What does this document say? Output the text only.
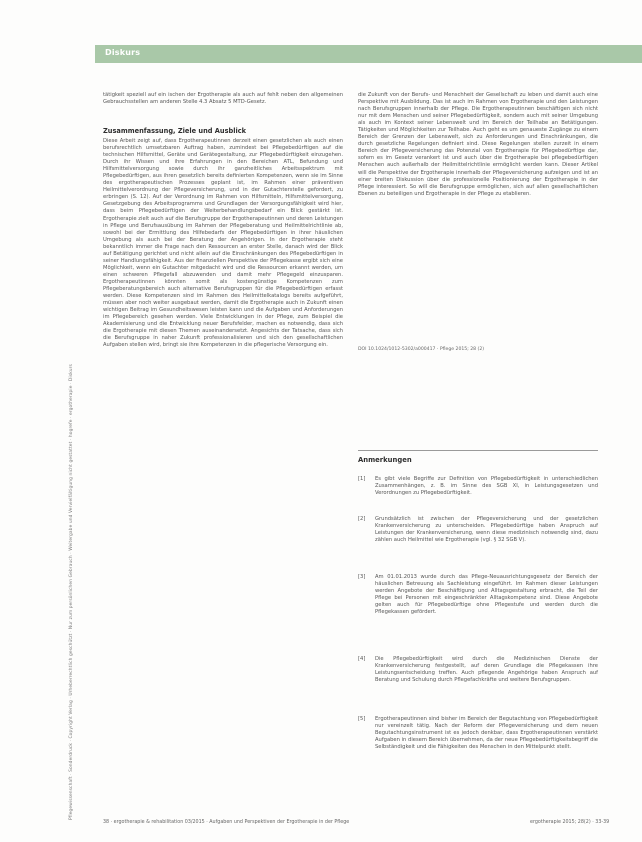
Diskurs
Pflegewissenschaft · Sonderdruck · Copyright Verlag · Urheberrechtlich geschützt · Nur zum persönlichen Gebrauch · Weitergabe und Vervielfältigung nicht gestattet · hogrefe · ergotherapie · Diskurs

tätigkeit speziell auf ein ischen der Ergotherapie als auch auf fehlt neben den allgemeinen Gebrauchsstellen am anderen Stelle 4.3 Absatz 5 MTD-Gesetz.

Zusammenfassung, Ziele und Ausblick

Diese Arbeit zeigt auf, dass Ergotherapeutinnen derzeit einen gesetzlichen als auch einen berufsrechtlich umsetzbaren Auftrag haben, zumindest bei Pflegebedürftigen auf die technischen Hilfsmittel, Geräte und Gerätegestaltung, zur Pflegebedürftigkeit einzugehen. Durch ihr Wissen und ihre Erfahrungen in den Bereichen ATL, Befundung und Hilfsmittelversorgung sowie durch ihr ganzheitliches Arbeitsspektrum mit Pflegebedürftigen, aus ihren gesetzlich bereits definierten Kompetenzen, wenn sie im Sinne des ergotherapeutischen Prozesses geplant ist, im Rahmen einer präventiven Heilmittelverordnung der Pflegeversicherung, und in der Gutachterstelle gefordert, zu erbringen (S. 12). Auf der Verordnung im Rahmen von Hilfsmitteln, Hilfsmittelversorgung, Gesetzgebung des Arbeitsprogramms und Grundlagen der Versorgungsfähigkeit wird hier, dass beim Pflegebedürftigen der Weiterbehandlungsbedarf ein Blick gestärkt ist. Ergotherapie zielt auch auf die Berufsgruppe der Ergotherapeutinnen und deren Leistungen in Pflege und Berufsausübung im Rahmen der Pflegeberatung und Heilmittelrichtlinie ab, sowohl bei der Ermittlung des Hilfebedarfs der Pflegebedürftigen in ihrer häuslichen Umgebung als auch bei der Beratung der Angehörigen. In der Ergotherapie steht bekanntlich immer die Frage nach den Ressourcen an erster Stelle, danach wird der Blick auf Betätigung gerichtet und nicht allein auf die Einschränkungen des Pflegebedürftigen in seiner Handlungsfähigkeit. Aus der finanziellen Perspektive der Pflegekasse ergibt sich eine Möglichkeit, wenn ein Gutachter mitgedacht wird und die Ressourcen erkannt werden, um einen schweren Pflegefall abzuwenden und damit mehr Pflegegeld einzusparen. Ergotherapeutinnen könnten somit als kostengünstige Kompetenzen zum Pflegeberatungsbereich auch alternative Berufsgruppen für die Pflegebedürftigen erfasst werden. Diese Kompetenzen sind im Rahmen des Heilmittelkatalogs bereits aufgeführt, müssen aber noch weiter ausgebaut werden, damit die Ergotherapie auch in Zukunft einen wichtigen Beitrag im Gesundheitswesen leisten kann und die Aufgaben und Anforderungen im Pflegebereich gesehen werden. Viele Entwicklungen in der Pflege, zum Beispiel die Akademisierung und die Entwicklung neuer Berufsfelder, machen es notwendig, dass sich die Ergotherapie mit diesen Themen auseinandersetzt. Angesichts der Tatsache, dass sich die Berufsgruppe in naher Zukunft professionalisieren und sich den gesellschaftlichen Aufgaben stellen wird, bringt sie ihre Kompetenzen in die pflegerische Versorgung ein.

die Zukunft von der Berufs- und Menschheit der Gesellschaft zu leben und damit auch eine Perspektive mit Ausbildung. Das ist auch im Rahmen von Ergotherapie und den Leistungen nach Berufsgruppen innerhalb der Pflege. Die Ergotherapeutinnen beschäftigen sich nicht nur mit dem Menschen und seiner Pflegebedürftigkeit, sondern auch mit seiner Umgebung als auch im Kontext seiner Lebenswelt und im Bereich der Teilhabe an Betätigungen. Tätigkeiten und Möglichkeiten zur Teilhabe. Auch geht es um genaueste Zugänge zu einem Bereich der Grenzen der Lebenswelt, sich zu Anforderungen und Einschränkungen, die durch gesetzliche Regelungen definiert sind. Diese Regelungen stellen zurzeit in einem Bereich der Pflegeversicherung das Potenzial von Ergotherapie für Pflegebedürftige dar, sofern es im Gesetz verankert ist und auch über die Ergotherapie bei pflegebedürftigen Menschen auch außerhalb der Heilmittelrichtlinie ermöglicht werden kann. Dieser Artikel will die Perspektive der Ergotherapie innerhalb der Pflegeversicherung aufzeigen und ist an einer breiten Diskussion über die professionelle Positionierung der Ergotherapie in der Pflege interessiert. So will die Berufsgruppe ermöglichen, sich auf allen gesellschaftlichen Ebenen zu beteiligen und Ergotherapie in der Pflege zu etablieren.

DOI 10.1024/1012-5302/a000417 · Pflege 2015; 28 (2)
Anmerkungen
[1]	Es gibt viele Begriffe zur Definition von Pflegebedürftigkeit in unterschiedlichen Zusammenhängen, z. B. im Sinne des SGB XI, in Leistungsgesetzen und Verordnungen zu Pflegebedürftigkeit.

[2]	Grundsätzlich ist zwischen der Pflegeversicherung und der gesetzlichen Krankenversicherung zu unterscheiden. Pflegebedürftige haben Anspruch auf Leistungen der Krankenversicherung, wenn diese medizinisch notwendig sind, dazu zählen auch Heilmittel wie Ergotherapie (vgl. § 32 SGB V).

[3]	Am 01.01.2013 wurde durch das Pflege-Neuausrichtungsgesetz der Bereich der häuslichen Betreuung als Sachleistung eingeführt. Im Rahmen dieser Leistungen werden Angebote der Beschäftigung und Alltagsgestaltung erbracht, die Teil der Pflege bei Personen mit eingeschränkter Alltagskompetenz sind. Diese Angebote gelten auch für Pflegebedürftige ohne Pflegestufe und werden durch die Pflegekassen gefördert.

[4]	Die Pflegebedürftigkeit wird durch die Medizinischen Dienste der Krankenversicherung festgestellt, auf deren Grundlage die Pflegekassen ihre Leistungsentscheidung treffen. Auch pflegende Angehörige haben Anspruch auf Beratung und Schulung durch Pflegefachkräfte und weitere Berufsgruppen.

[5]	Ergotherapeutinnen sind bisher im Bereich der Begutachtung von Pflegebedürftigkeit nur vereinzelt tätig. Nach der Reform der Pflegeversicherung und dem neuen Begutachtungsinstrument ist es jedoch denkbar, dass Ergotherapeutinnen verstärkt Aufgaben in diesem Bereich übernehmen, da der neue Pflegebedürftigkeitsbegriff die Selbständigkeit und die Fähigkeiten des Menschen in den Mittelpunkt stellt.

38 · ergotherapie & rehabilitation 03/2015 · Aufgaben und Perspektiven der Ergotherapie in der Pflege	ergotherapie 2015; 28(2) · 33-39
